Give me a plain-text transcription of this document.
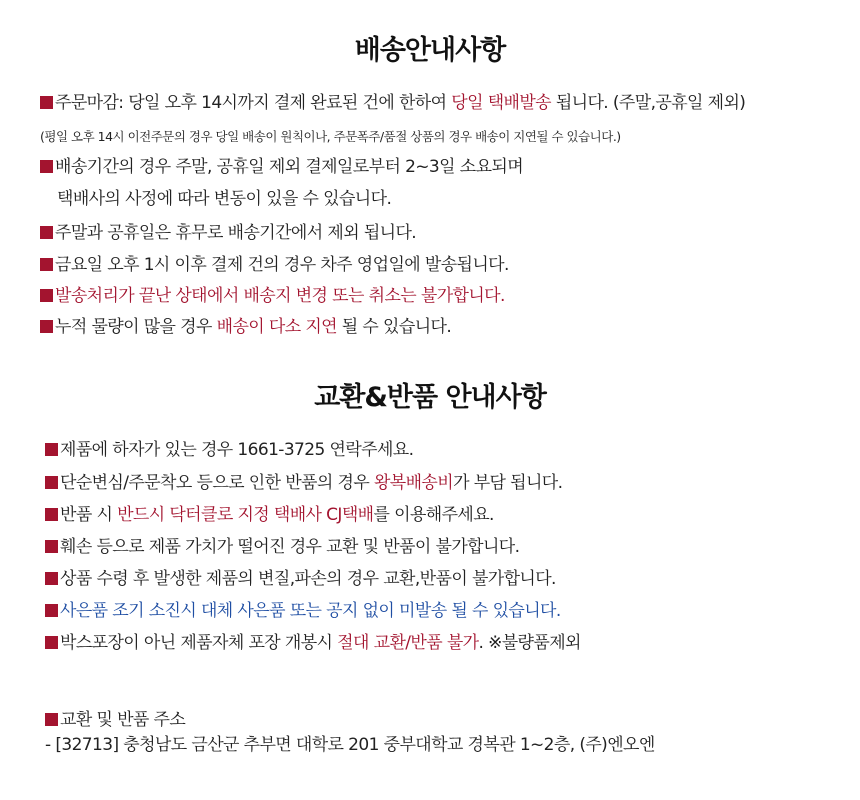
배송안내사항
주문마감: 당일 오후 14시까지 결제 완료된 건에 한하여 당일 택배발송 됩니다. (주말,공휴일 제외)
(평일 오후 14시 이전주문의 경우 당일 배송이 원칙이나, 주문폭주/품절 상품의 경우 배송이 지연될 수 있습니다.)
배송기간의 경우 주말, 공휴일 제외 결제일로부터 2~3일 소요되며
택배사의 사정에 따라 변동이 있을 수 있습니다.
주말과 공휴일은 휴무로 배송기간에서 제외 됩니다.
금요일 오후 1시 이후 결제 건의 경우 차주 영업일에 발송됩니다.
발송처리가 끝난 상태에서 배송지 변경 또는 취소는 불가합니다.
누적 물량이 많을 경우 배송이 다소 지연 될 수 있습니다.
교환&반품 안내사항
제품에 하자가 있는 경우 1661-3725 연락주세요.
단순변심/주문착오 등으로 인한 반품의 경우 왕복배송비가 부담 됩니다.
반품 시 반드시 닥터클로 지정 택배사 CJ택배를 이용해주세요.
훼손 등으로 제품 가치가 떨어진 경우 교환 및 반품이 불가합니다.
상품 수령 후 발생한 제품의 변질,파손의 경우 교환,반품이 불가합니다.
사은품 조기 소진시 대체 사은품 또는 공지 없이 미발송 될 수 있습니다.
박스포장이 아닌 제품자체 포장 개봉시 절대 교환/반품 불가. ※불량품제외
교환 및 반품 주소
- [32713] 충청남도 금산군 추부면 대학로 201 중부대학교 경복관 1~2층, (주)엔오엔
